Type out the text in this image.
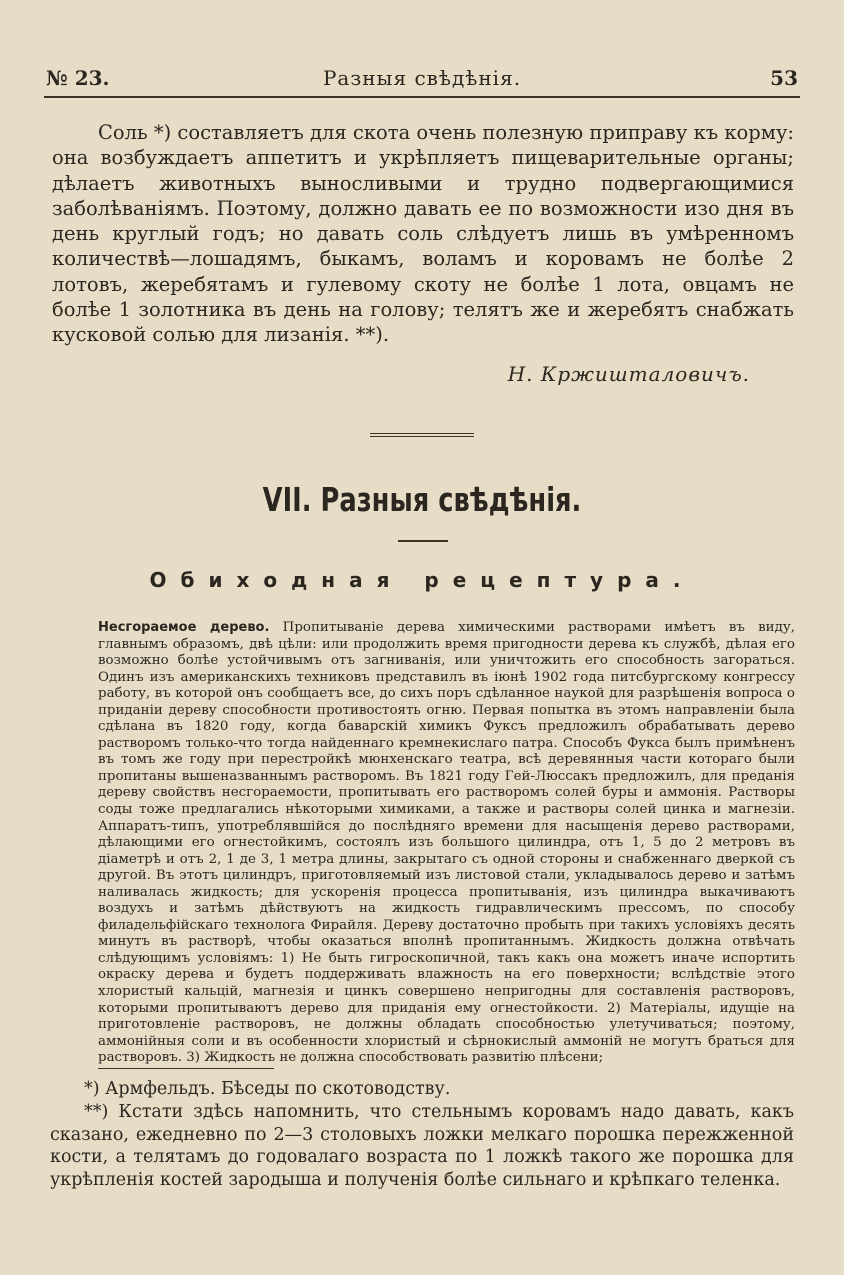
№ 23.	Разныя свѣдѣнія.	53

Соль *) составляетъ для скота очень полезную приправу къ корму: она возбуждаетъ аппетитъ и укрѣпляетъ пищеварительные органы; дѣлаетъ животныхъ выносливыми и трудно подвергающимися заболѣваніямъ. Поэтому, должно давать ее по возможности изо дня въ день круглый годъ; но давать соль слѣдуетъ лишь въ умѣренномъ количествѣ—лошадямъ, быкамъ, воламъ и коровамъ не болѣе 2 лотовъ, жеребятамъ и гулевому скоту не болѣе 1 лота, овцамъ не болѣе 1 золотника въ день на голову; телятъ же и жеребятъ снабжать кусковой солью для лизанія. **).

Н. Кржишталовичъ.
VII. Разныя свѣдѣнія.
Обиходная рецептура.

Несгораемое дерево. Пропитываніе дерева химическими растворами имѣетъ въ виду, главнымъ образомъ, двѣ цѣли: или продолжить время пригодности дерева къ службѣ, дѣлая его возможно болѣе устойчивымъ отъ загниванія, или уничтожить его способность загораться. Одинъ изъ американскихъ техниковъ представилъ въ іюнѣ 1902 года питсбургскому конгрессу работу, въ которой онъ сообщаетъ все, до сихъ поръ сдѣланное наукой для разрѣшенія вопроса о приданіи дереву способности противостоять огню. Первая попытка въ этомъ направленіи была сдѣлана въ 1820 году, когда баварскій химикъ Фуксъ предложилъ обрабатывать дерево растворомъ только-что тогда найденнаго кремнекислаго патра. Способъ Фукса былъ примѣненъ въ томъ же году при перестройкѣ мюнхенскаго театра, всѣ деревянныя части котораго были пропитаны вышеназваннымъ растворомъ. Въ 1821 году Гей-Люссакъ предложилъ, для преданія дереву свойствъ несгораемости, пропитывать его растворомъ солей буры и аммонія. Растворы соды тоже предлагались нѣкоторыми химиками, а также и растворы солей цинка и магнезіи. Аппаратъ-типъ, употреблявшійся до послѣдняго времени для насыщенія дерево растворами, дѣлающими его огнестойкимъ, состоялъ изъ большого цилиндра, отъ 1, 5 до 2 метровъ въ діаметрѣ и отъ 2, 1 де 3, 1 метра длины, закрытаго съ одной стороны и снабженнаго дверкой съ другой. Въ этотъ цилиндръ, приготовляемый изъ листовой стали, укладывалось дерево и затѣмъ наливалась жидкость; для ускоренія процесса пропитыванія, изъ цилиндра выкачиваютъ воздухъ и затѣмъ дѣйствуютъ на жидкость гидравлическимъ прессомъ, по способу филадельфійскаго технолога Фирайля. Дереву достаточно пробыть при такихъ условіяхъ десять минутъ въ растворѣ, чтобы оказаться вполнѣ пропитаннымъ. Жидкость должна отвѣчать слѣдующимъ условіямъ: 1) Не быть гигроскопичной, такъ какъ она можетъ иначе испортить окраску дерева и будетъ поддерживать влажность на его поверхности; вслѣдствіе этого хлористый кальцій, магнезія и цинкъ совершено непригодны для составленія растворовъ, которыми пропитываютъ дерево для приданія ему огнестойкости. 2) Матеріалы, идущіе на приготовленіе растворовъ, не должны обладать способностью улетучиваться; поэтому, аммонійныя соли и въ особенности хлористый и сѣрнокислый аммоній не могутъ браться для растворовъ. 3) Жидкость не должна способствовать развитію плѣсени;

*) Армфельдъ. Бѣседы по скотоводству.

**) Кстати здѣсь напомнить, что стельнымъ коровамъ надо давать, какъ сказано, ежедневно по 2—3 столовыхъ ложки мелкаго порошка пережженной кости, а телятамъ до годовалаго возраста по 1 ложкѣ такого же порошка для укрѣпленія костей зародыша и полученія болѣе сильнаго и крѣпкаго теленка.
